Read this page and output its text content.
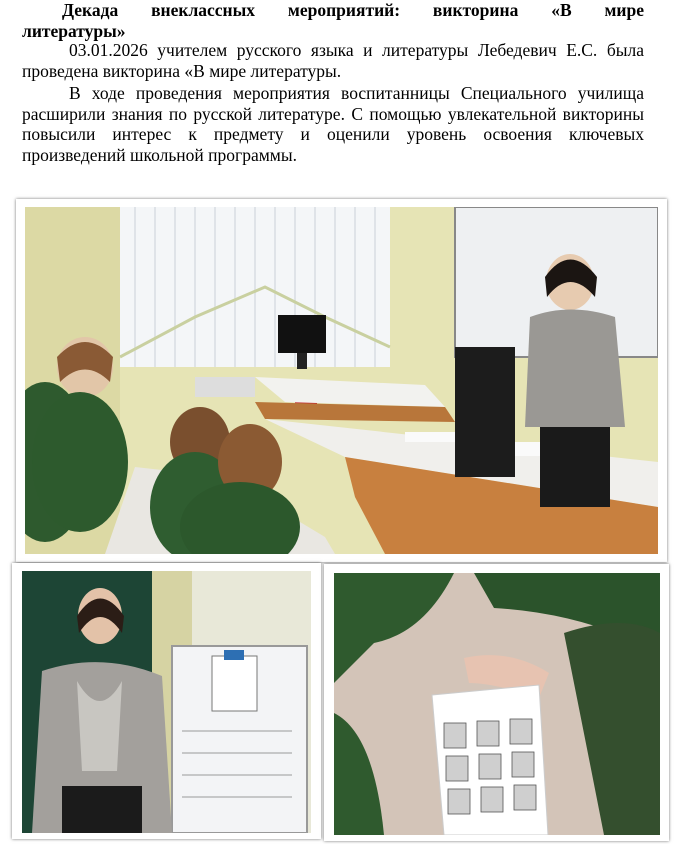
Декада внеклассных мероприятий: викторина «В мире
литературы»

03.01.2026 учителем русского языка и литературы Лебедевич Е.С. была проведена викторина «В мире литературы.

В ходе проведения мероприятия воспитанницы Специального училища расширили знания по русской литературе. С помощью увлекательной викторины повысили интерес к предмету и оценили уровень освоения ключевых произведений школьной программы.
